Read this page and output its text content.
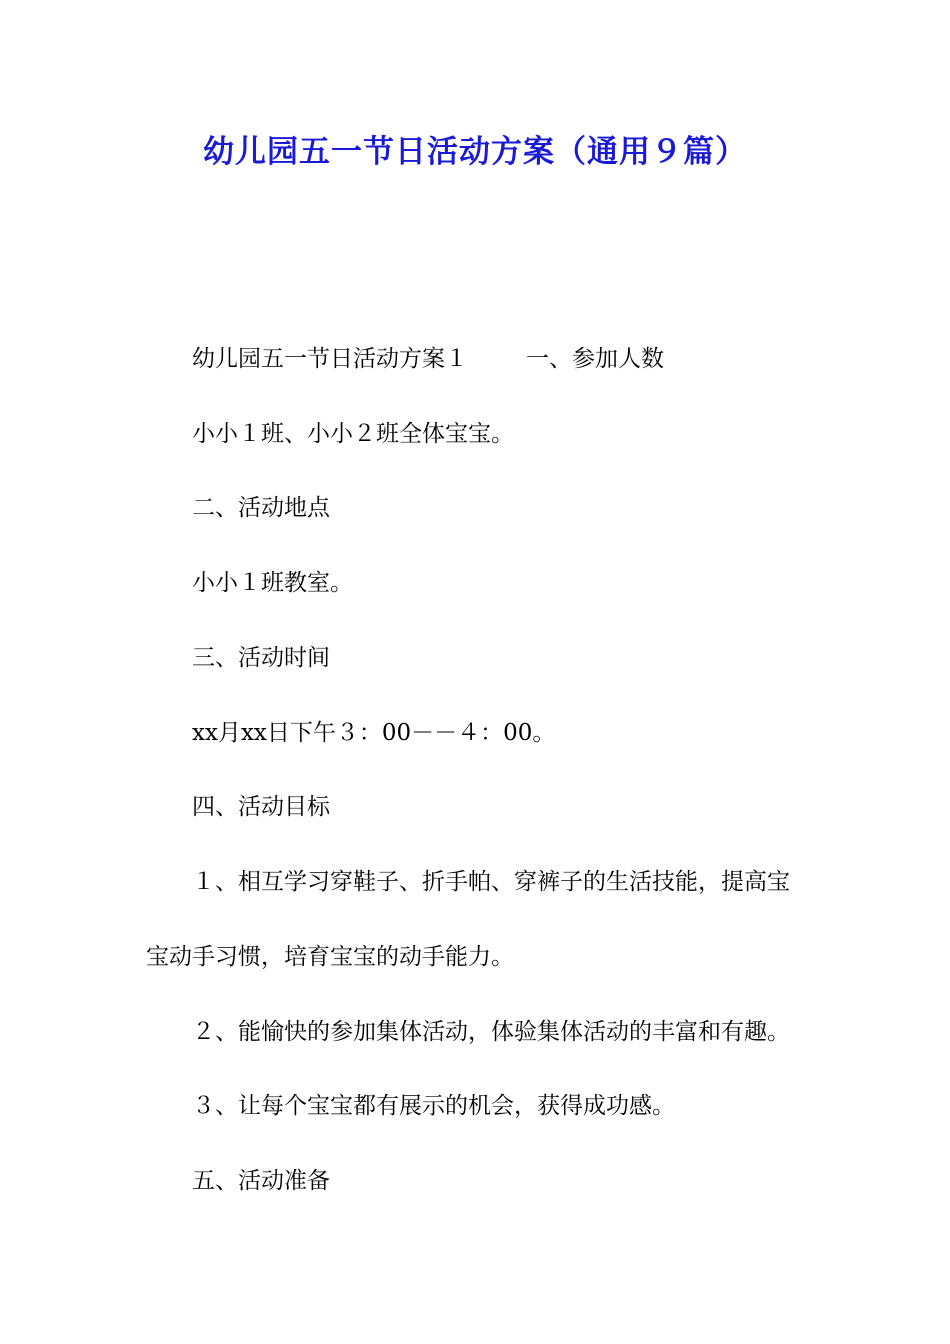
幼儿园五一节日活动方案（通用９篇）

幼儿园五一节日活动方案１	一、参加人数

小小１班、小小２班全体宝宝。

二、活动地点

小小１班教室。

三、活动时间

xx月xx日下午３：00－－４：00。

四、活动目标

１、相互学习穿鞋子、折手帕、穿裤子的生活技能，提高宝

宝动手习惯，培育宝宝的动手能力。

２、能愉快的参加集体活动，体验集体活动的丰富和有趣。

３、让每个宝宝都有展示的机会，获得成功感。

五、活动准备
